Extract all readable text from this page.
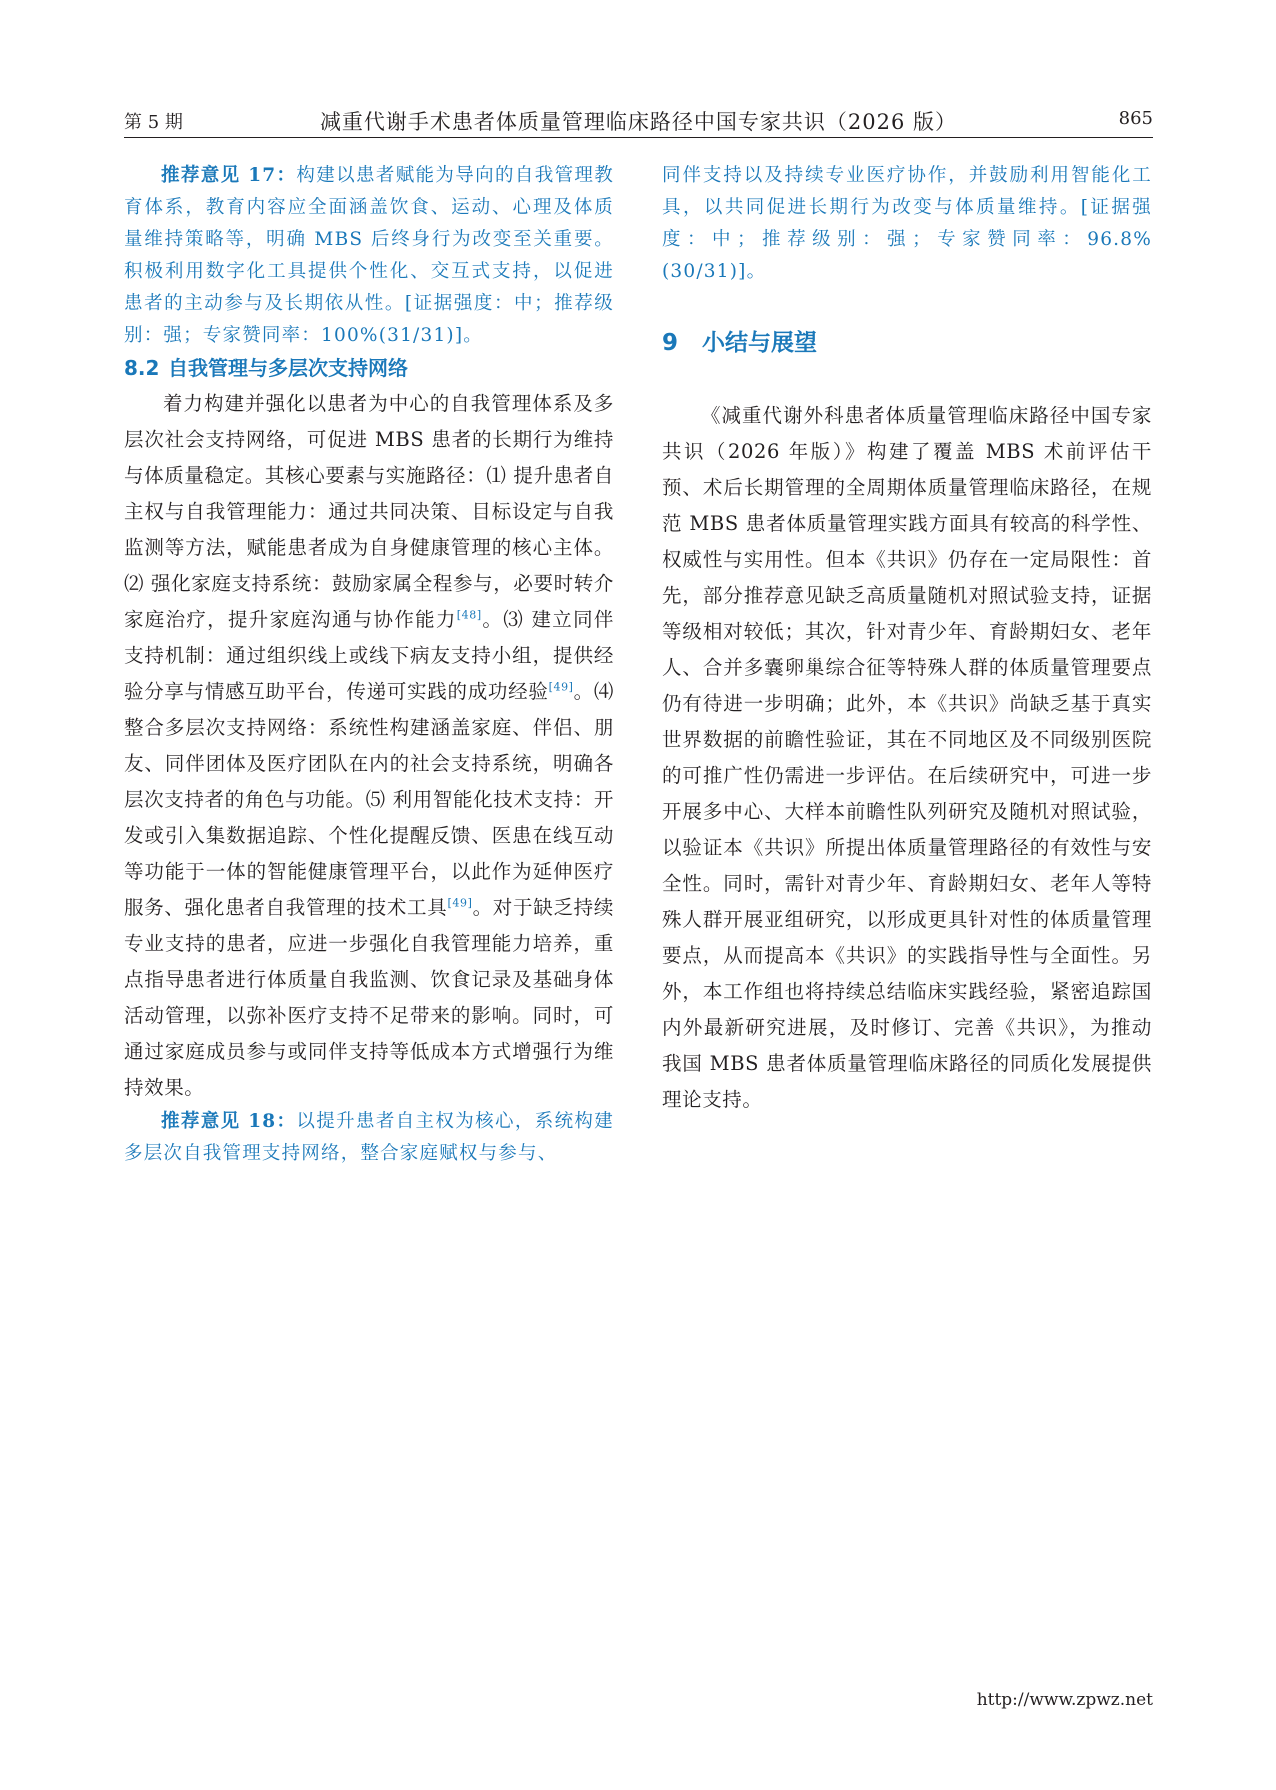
第 5 期	减重代谢手术患者体质量管理临床路径中国专家共识（2026 版）	865

推荐意见 17：构建以患者赋能为导向的自我管理教育体系，教育内容应全面涵盖饮食、运动、心理及体质量维持策略等，明确 MBS 后终身行为改变至关重要。积极利用数字化工具提供个性化、交互式支持，以促进患者的主动参与及长期依从性。[证据强度：中；推荐级别：强；专家赞同率：100%(31/31)]。

8.2 自我管理与多层次支持网络

着力构建并强化以患者为中心的自我管理体系及多层次社会支持网络，可促进 MBS 患者的长期行为维持与体质量稳定。其核心要素与实施路径：⑴ 提升患者自主权与自我管理能力：通过共同决策、目标设定与自我监测等方法，赋能患者成为自身健康管理的核心主体。⑵ 强化家庭支持系统：鼓励家属全程参与，必要时转介家庭治疗，提升家庭沟通与协作能力[48]。⑶ 建立同伴支持机制：通过组织线上或线下病友支持小组，提供经验分享与情感互助平台，传递可实践的成功经验[49]。⑷ 整合多层次支持网络：系统性构建涵盖家庭、伴侣、朋友、同伴团体及医疗团队在内的社会支持系统，明确各层次支持者的角色与功能。⑸ 利用智能化技术支持：开发或引入集数据追踪、个性化提醒反馈、医患在线互动等功能于一体的智能健康管理平台，以此作为延伸医疗服务、强化患者自我管理的技术工具[49]。对于缺乏持续专业支持的患者，应进一步强化自我管理能力培养，重点指导患者进行体质量自我监测、饮食记录及基础身体活动管理，以弥补医疗支持不足带来的影响。同时，可通过家庭成员参与或同伴支持等低成本方式增强行为维持效果。

推荐意见 18：以提升患者自主权为核心，系统构建多层次自我管理支持网络，整合家庭赋权与参与、

同伴支持以及持续专业医疗协作，并鼓励利用智能化工具，以共同促进长期行为改变与体质量维持。[证据强度：中；推荐级别：强；专家赞同率：96.8%(30/31)]。

9 小结与展望

《减重代谢外科患者体质量管理临床路径中国专家共识（2026 年版）》构建了覆盖 MBS 术前评估干预、术后长期管理的全周期体质量管理临床路径，在规范 MBS 患者体质量管理实践方面具有较高的科学性、权威性与实用性。但本《共识》仍存在一定局限性：首先，部分推荐意见缺乏高质量随机对照试验支持，证据等级相对较低；其次，针对青少年、育龄期妇女、老年人、合并多囊卵巢综合征等特殊人群的体质量管理要点仍有待进一步明确；此外，本《共识》尚缺乏基于真实世界数据的前瞻性验证，其在不同地区及不同级别医院的可推广性仍需进一步评估。在后续研究中，可进一步开展多中心、大样本前瞻性队列研究及随机对照试验，以验证本《共识》所提出体质量管理路径的有效性与安全性。同时，需针对青少年、育龄期妇女、老年人等特殊人群开展亚组研究，以形成更具针对性的体质量管理要点，从而提高本《共识》的实践指导性与全面性。另外，本工作组也将持续总结临床实践经验，紧密追踪国内外最新研究进展，及时修订、完善《共识》，为推动我国 MBS 患者体质量管理临床路径的同质化发展提供理论支持。

http://www.zpwz.net
